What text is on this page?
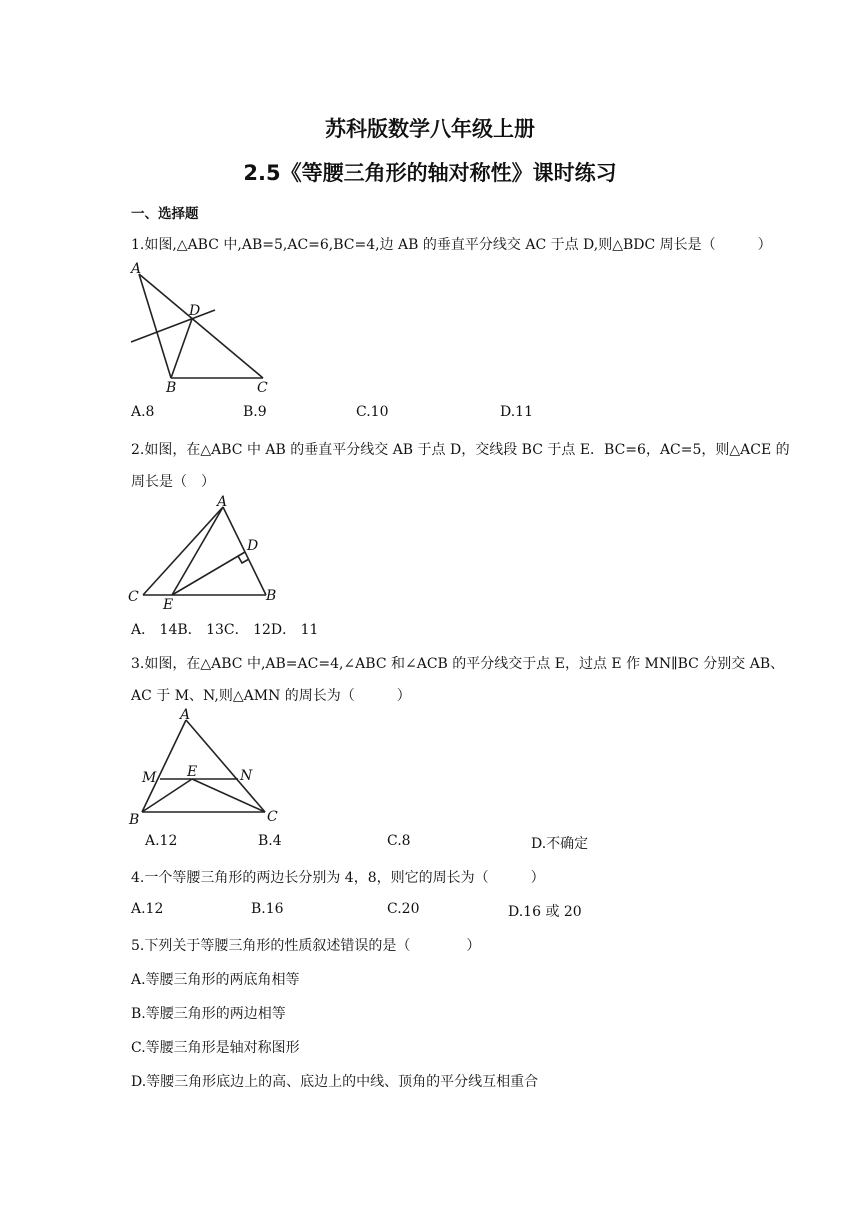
苏科版数学八年级上册
2.5《等腰三角形的轴对称性》课时练习
一、选择题
1.如图,△ABC 中,AB=5,AC=6,BC=4,边 AB 的垂直平分线交 AC 于点 D,则△BDC 周长是（　　　）
A
D
B	C
A.8	B.9	C.10	D.11
2.如图，在△ABC 中 AB 的垂直平分线交 AB 于点 D，交线段 BC 于点 E．BC=6，AC=5，则△ACE 的
周长是（　）
A
D
C E
B
A． 14B． 13C． 12D． 11
3.如图，在△ABC 中,AB=AC=4,∠ABC 和∠ACB 的平分线交于点 E，过点 E 作 MN∥BC 分别交 AB、
AC 于 M、N,则△AMN 的周长为（　　　）
A
M E	N
B	C
A.12	B.4	C.8	D.不确定
4.一个等腰三角形的两边长分别为 4，8，则它的周长为（　　　）
A.12	B.16	C.20	D.16 或 20
5.下列关于等腰三角形的性质叙述错误的是（　　　　）
A.等腰三角形的两底角相等
B.等腰三角形的两边相等
C.等腰三角形是轴对称图形
D.等腰三角形底边上的高、底边上的中线、顶角的平分线互相重合
